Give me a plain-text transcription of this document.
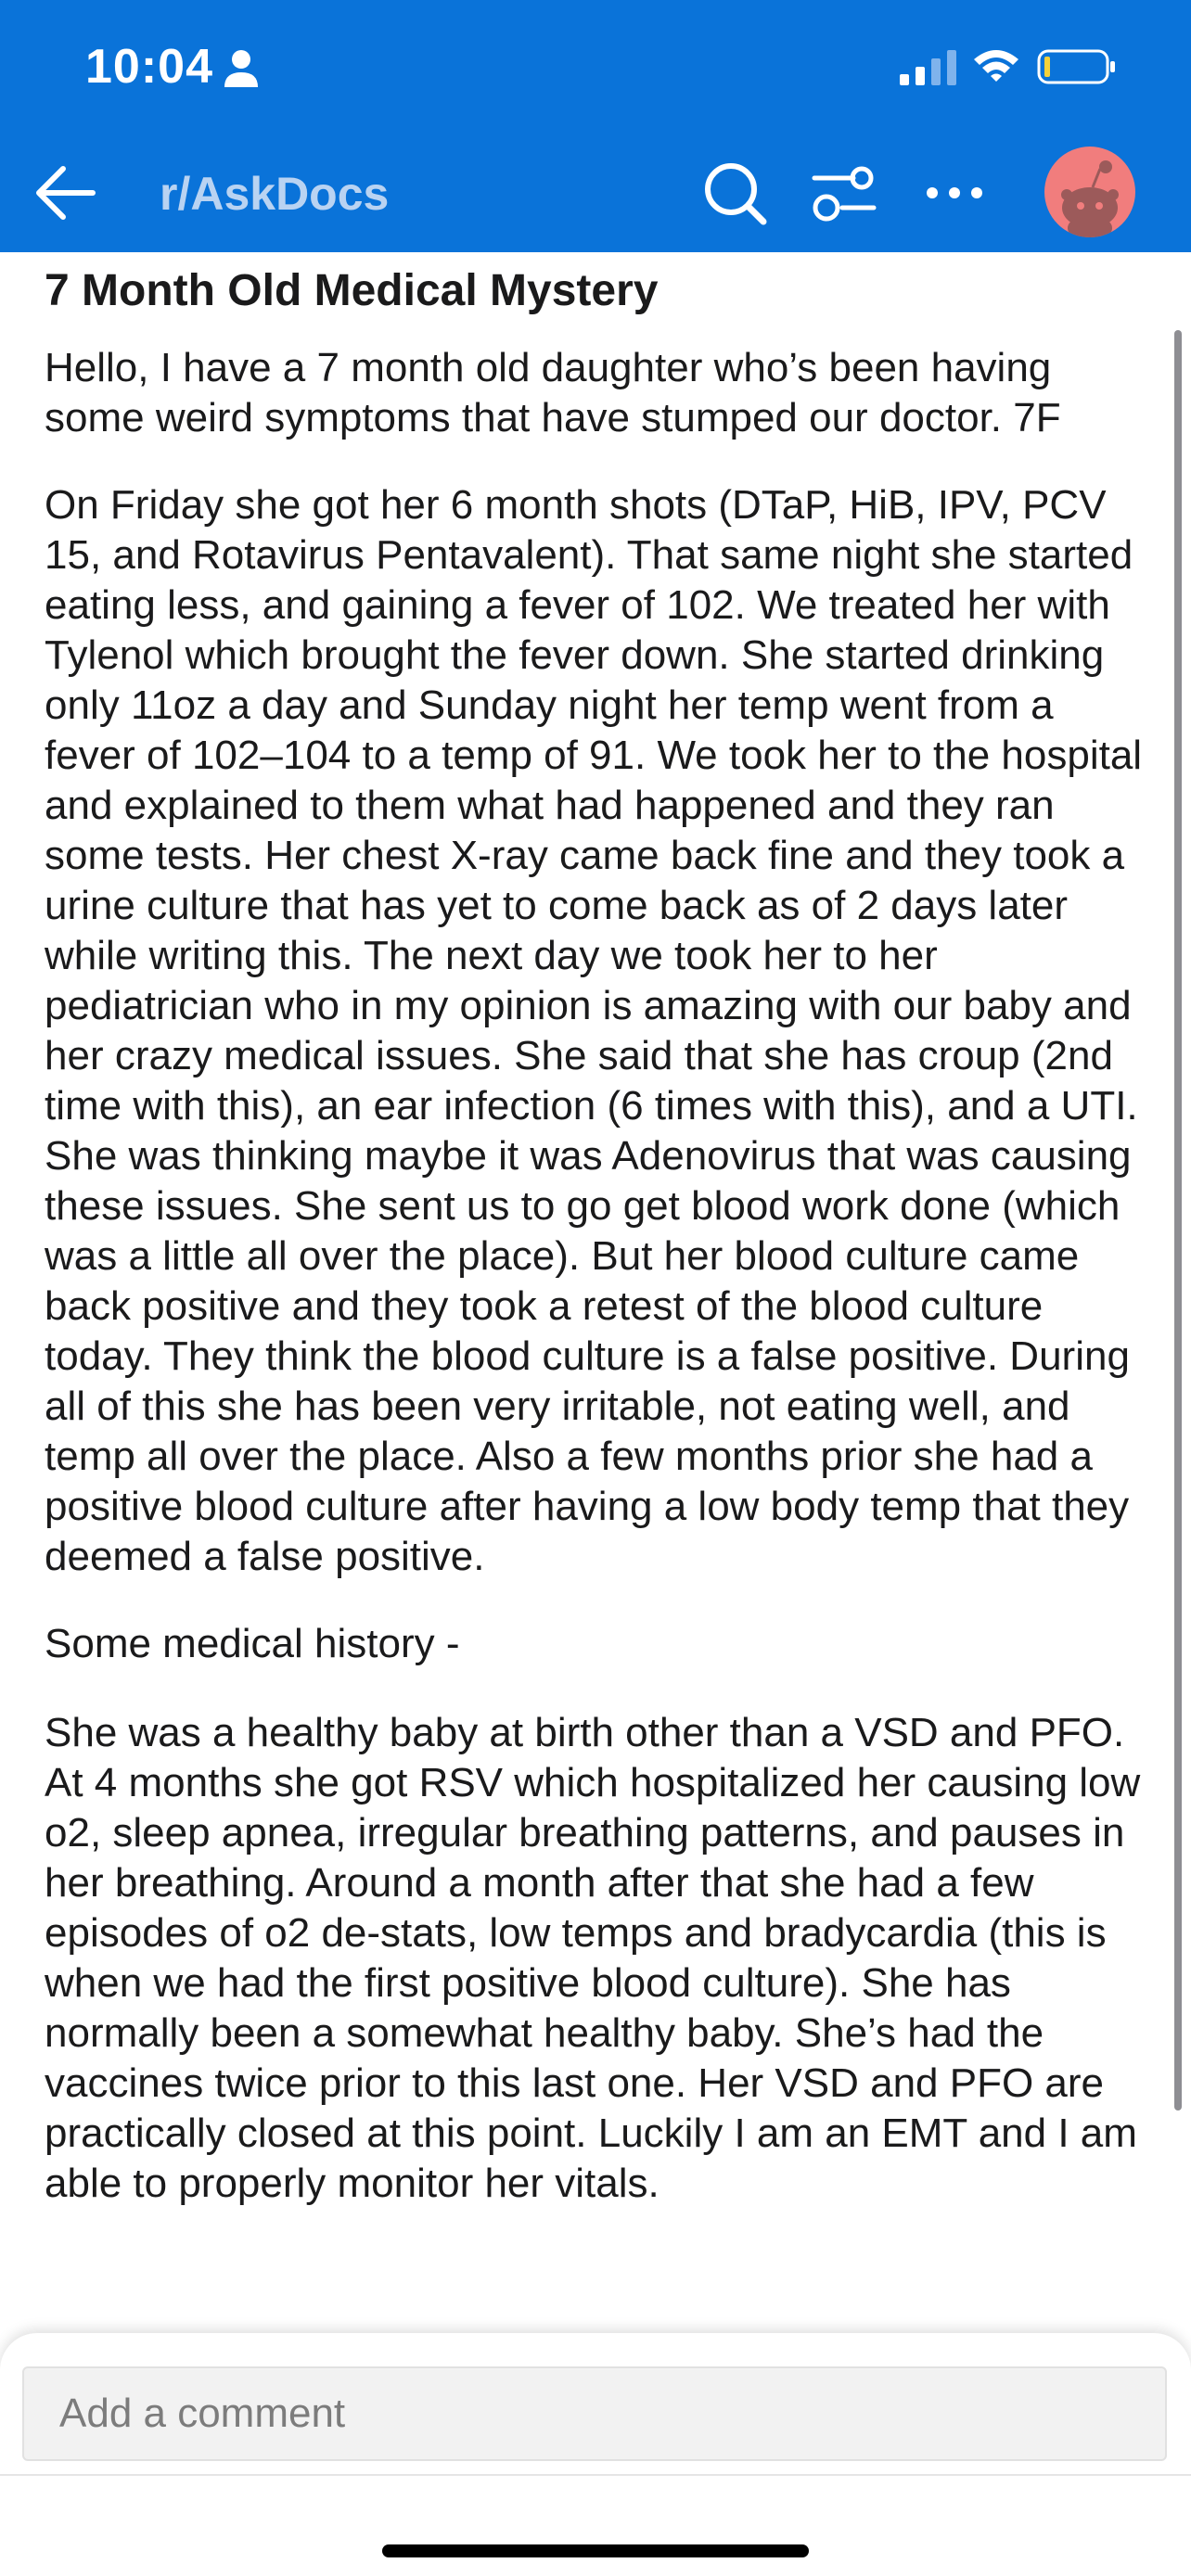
10:04
r/AskDocs
7 Month Old Medical Mystery

Hello, I have a 7 month old daughter who’s been having some weird symptoms that have stumped our doctor. 7F

On Friday she got her 6 month shots (DTaP, HiB, IPV, PCV 15, and Rotavirus Pentavalent). That same night she started eating less, and gaining a fever of 102. We treated her with Tylenol which brought the fever down. She started drinking only 11oz a day and Sunday night her temp went from a fever of 102–104 to a temp of 91. We took her to the hospital and explained to them what had happened and they ran some tests. Her chest X-ray came back fine and they took a urine culture that has yet to come back as of 2 days later while writing this. The next day we took her to her pediatrician who in my opinion is amazing with our baby and her crazy medical issues. She said that she has croup (2nd time with this), an ear infection (6 times with this), and a UTI. She was thinking maybe it was Adenovirus that was causing these issues. She sent us to go get blood work done (which was a little all over the place). But her blood culture came back positive and they took a retest of the blood culture today. They think the blood culture is a false positive. During all of this she has been very irritable, not eating well, and temp all over the place. Also a few months prior she had a positive blood culture after having a low body temp that they deemed a false positive.

Some medical history -

She was a healthy baby at birth other than a VSD and PFO. At 4 months she got RSV which hospitalized her causing low o2, sleep apnea, irregular breathing patterns, and pauses in her breathing. Around a month after that she had a few episodes of o2 de-stats, low temps and bradycardia (this is when we had the first positive blood culture). She has normally been a somewhat healthy baby. She’s had the vaccines twice prior to this last one. Her VSD and PFO are practically closed at this point. Luckily I am an EMT and I am able to properly monitor her vitals.

Add a comment
